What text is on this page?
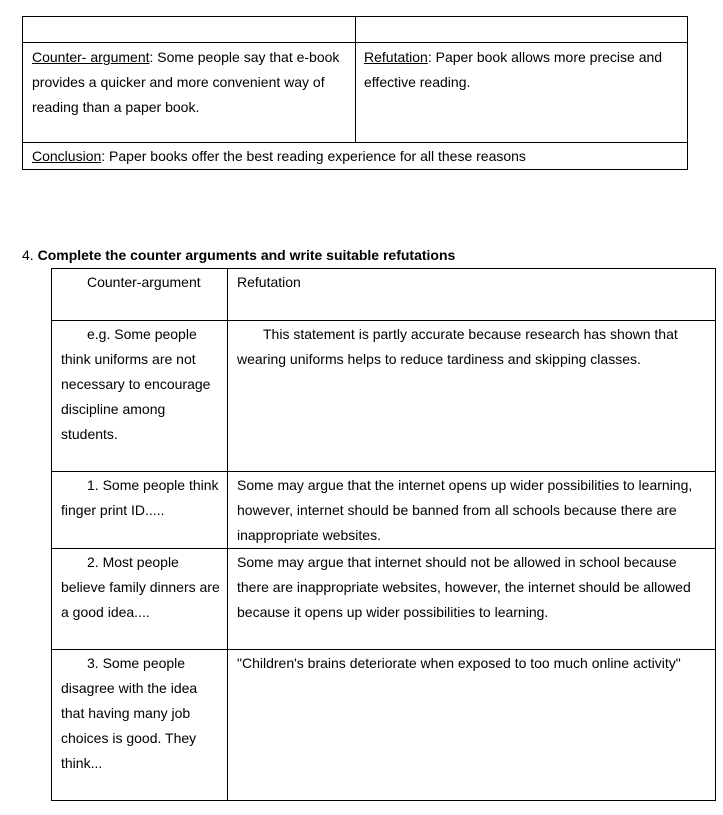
Counter- argument: Some people say that e-book provides a quicker and more convenient way of reading than a paper book.	Refutation: Paper book allows more precise and effective reading.
Conclusion: Paper books offer the best reading experience for all these reasons	
4. Complete the counter arguments and write suitable refutations
Counter-argument	Refutation
e.g. Some people think uniforms are not necessary to encourage discipline among students.	This statement is partly accurate because research has shown that wearing uniforms helps to reduce tardiness and skipping classes.
1. Some people think finger print ID.....	Some may argue that the internet opens up wider possibilities to learning, however, internet should be banned from all schools because there are inappropriate websites.
2. Most people believe family dinners are a good idea....	Some may argue that internet should not be allowed in school because there are inappropriate websites, however, the internet should be allowed because it opens up wider possibilities to learning.
3. Some people disagree with the idea that having many job choices is good. They think...	"Children's brains deteriorate when exposed to too much online activity"
